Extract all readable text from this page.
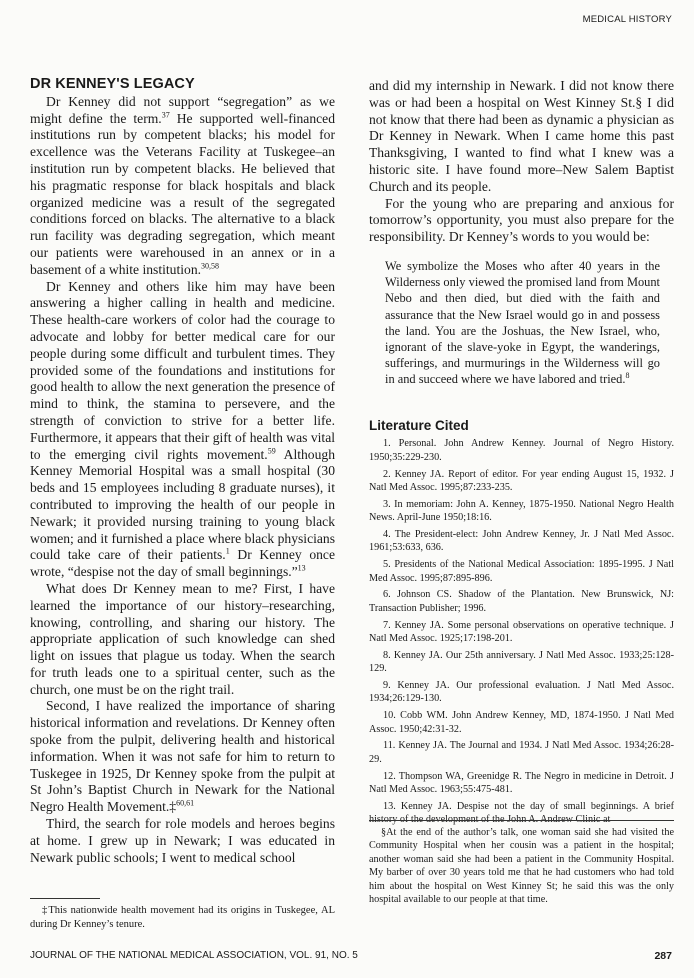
MEDICAL HISTORY
DR KENNEY'S LEGACY

Dr Kenney did not support “segregation” as we might define the term.$^{37}$ He supported well-financed institutions run by competent blacks; his model for excellence was the Veterans Facility at Tuskegee–an institution run by competent blacks. He believed that his pragmatic response for black hospitals and black organized medicine was a result of the segregated conditions forced on blacks. The alternative to a black run facility was degrading segregation, which meant our patients were warehoused in an annex or in a basement of a white institution.$^{30,58}$

Dr Kenney and others like him may have been answering a higher calling in health and medicine. These health-care workers of color had the courage to advocate and lobby for better medical care for our people during some difficult and turbulent times. They provided some of the foundations and institutions for good health to allow the next generation the presence of mind to think, the stamina to persevere, and the strength of conviction to strive for a better life. Furthermore, it appears that their gift of health was vital to the emerging civil rights movement.$^{59}$ Although Kenney Memorial Hospital was a small hospital (30 beds and 15 employees including 8 graduate nurses), it contributed to improving the health of our people in Newark; it provided nursing training to young black women; and it furnished a place where black physicians could take care of their patients.$^1$ Dr Kenney once wrote, “despise not the day of small beginnings.”$^{13}$

What does Dr Kenney mean to me? First, I have learned the importance of our history–researching, knowing, controlling, and sharing our history. The appropriate application of such knowledge can shed light on issues that plague us today. When the search for truth leads one to a spiritual center, such as the church, one must be on the right trail.

Second, I have realized the importance of sharing historical information and revelations. Dr Kenney often spoke from the pulpit, delivering health and historical information. When it was not safe for him to return to Tuskegee in 1925, Dr Kenney spoke from the pulpit at St John’s Baptist Church in Newark for the National Negro Health Movement.‡$^{60,61}$

Third, the search for role models and heroes begins at home. I grew up in Newark; I was educated in Newark public schools; I went to medical school

‡This nationwide health movement had its origins in Tuskegee, AL during Dr Kenney’s tenure.

and did my internship in Newark. I did not know there was or had been a hospital on West Kinney St.§ I did not know that there had been as dynamic a physician as Dr Kenney in Newark. When I came home this past Thanksgiving, I wanted to find what I knew was a historic site. I have found more–New Salem Baptist Church and its people.

For the young who are preparing and anxious for tomorrow’s opportunity, you must also prepare for the responsibility. Dr Kenney’s words to you would be:

We symbolize the Moses who after 40 years in the Wilderness only viewed the promised land from Mount Nebo and then died, but died with the faith and assurance that the New Israel would go in and possess the land. You are the Joshuas, the New Israel, who, ignorant of the slave-yoke in Egypt, the wanderings, sufferings, and murmurings in the Wilderness will go in and succeed where we have labored and tried.$^8$
Literature Cited
1. Personal. John Andrew Kenney. Journal of Negro History. 1950;35:229-230.
2. Kenney JA. Report of editor. For year ending August 15, 1932. J Natl Med Assoc. 1995;87:233-235.
3. In memoriam: John A. Kenney, 1875-1950. National Negro Health News. April-June 1950;18:16.
4. The President-elect: John Andrew Kenney, Jr. J Natl Med Assoc. 1961;53:633, 636.
5. Presidents of the National Medical Association: 1895-1995. J Natl Med Assoc. 1995;87:895-896.
6. Johnson CS. Shadow of the Plantation. New Brunswick, NJ: Transaction Publisher; 1996.
7. Kenney JA. Some personal observations on operative technique. J Natl Med Assoc. 1925;17:198-201.
8. Kenney JA. Our 25th anniversary. J Natl Med Assoc. 1933;25:128-129.
9. Kenney JA. Our professional evaluation. J Natl Med Assoc. 1934;26:129-130.
10. Cobb WM. John Andrew Kenney, MD, 1874-1950. J Natl Med Assoc. 1950;42:31-32.
11. Kenney JA. The Journal and 1934. J Natl Med Assoc. 1934;26:28-29.
12. Thompson WA, Greenidge R. The Negro in medicine in Detroit. J Natl Med Assoc. 1963;55:475-481.
13. Kenney JA. Despise not the day of small beginnings. A brief history of the development of the John A. Andrew Clinic at
§At the end of the author’s talk, one woman said she had visited the Community Hospital when her cousin was a patient in the hospital; another woman said she had been a patient in the Community Hospital. My barber of over 30 years told me that he had customers who had told him about the hospital on West Kinney St; he said this was the only hospital available to our people at that time.
JOURNAL OF THE NATIONAL MEDICAL ASSOCIATION, VOL. 91, NO. 5	287
